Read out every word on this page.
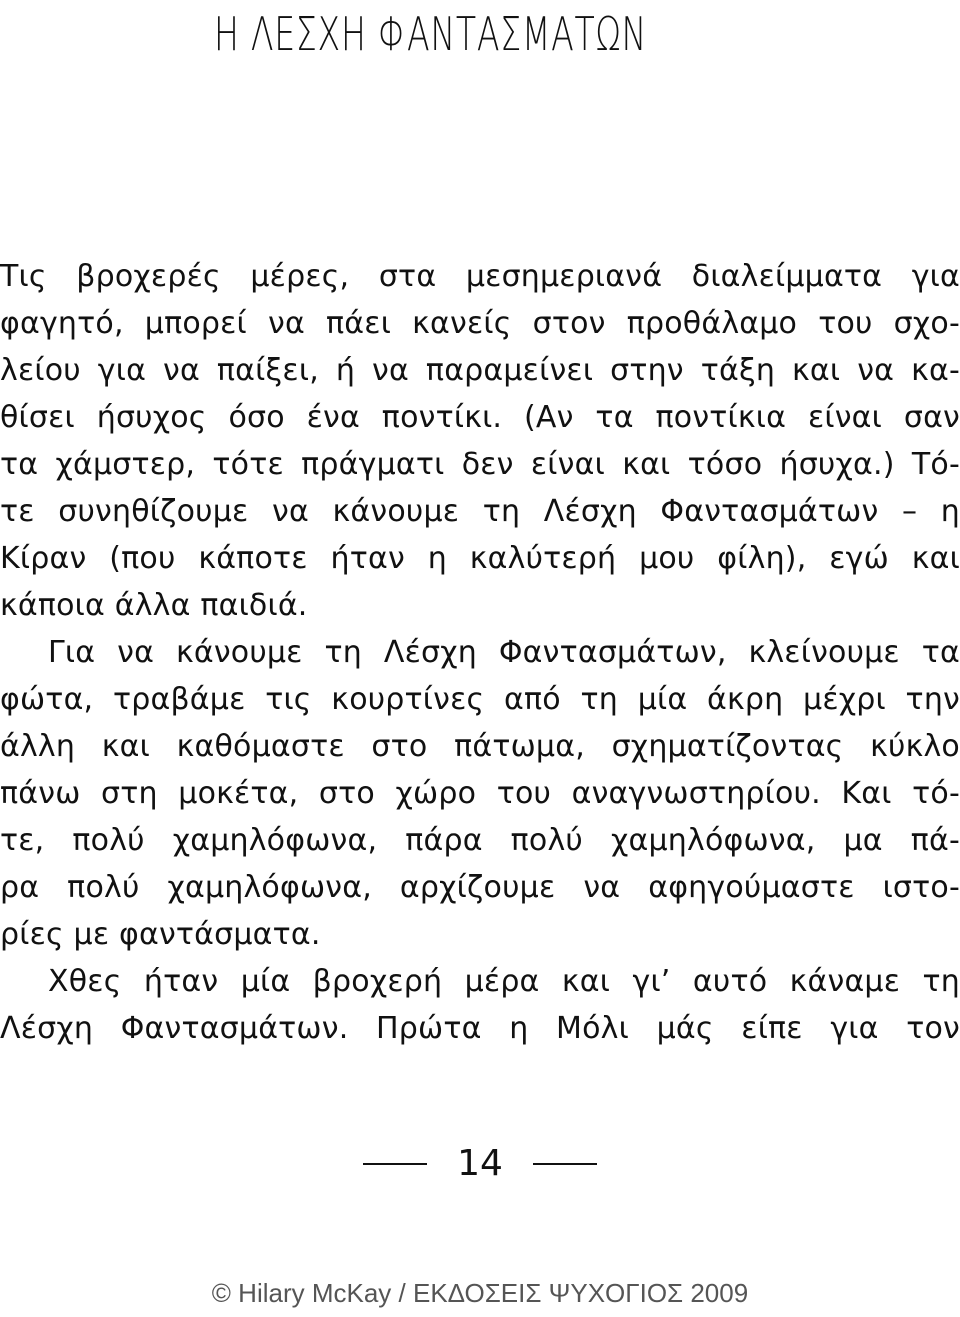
Η ΛΕΣΧΗ ΦΑΝΤΑΣΜΑΤΩΝ
Τις βροχερές μέρες, στα μεσημεριανά διαλείμματα για
φαγητό, μπορεί να πάει κανείς στον προθάλαμο του σχο-
λείου για να παίξει, ή να παραμείνει στην τάξη και να κα-
θίσει ήσυχος όσο ένα ποντίκι. (Αν τα ποντίκια είναι σαν
τα χάμστερ, τότε πράγματι δεν είναι και τόσο ήσυχα.) Τό-
τε συνηθίζουμε να κάνουμε τη Λέσχη Φαντασμάτων – η
Κίραν (που κάποτε ήταν η καλύτερή μου φίλη), εγώ και
κάποια άλλα παιδιά.
Για να κάνουμε τη Λέσχη Φαντασμάτων, κλείνουμε τα
φώτα, τραβάμε τις κουρτίνες από τη μία άκρη μέχρι την
άλλη και καθόμαστε στο πάτωμα, σχηματίζοντας κύκλο
πάνω στη μοκέτα, στο χώρο του αναγνωστηρίου. Και τό-
τε, πολύ χαμηλόφωνα, πάρα πολύ χαμηλόφωνα, μα πά-
ρα πολύ χαμηλόφωνα, αρχίζουμε να αφηγούμαστε ιστο-
ρίες με φαντάσματα.
Χθες ήταν μία βροχερή μέρα και γι’ αυτό κάναμε τη
Λέσχη Φαντασμάτων. Πρώτα η Μόλι μάς είπε για τον
14
© Hilary McKay / ΕΚΔΟΣΕΙΣ ΨΥΧΟΓΙΟΣ 2009
